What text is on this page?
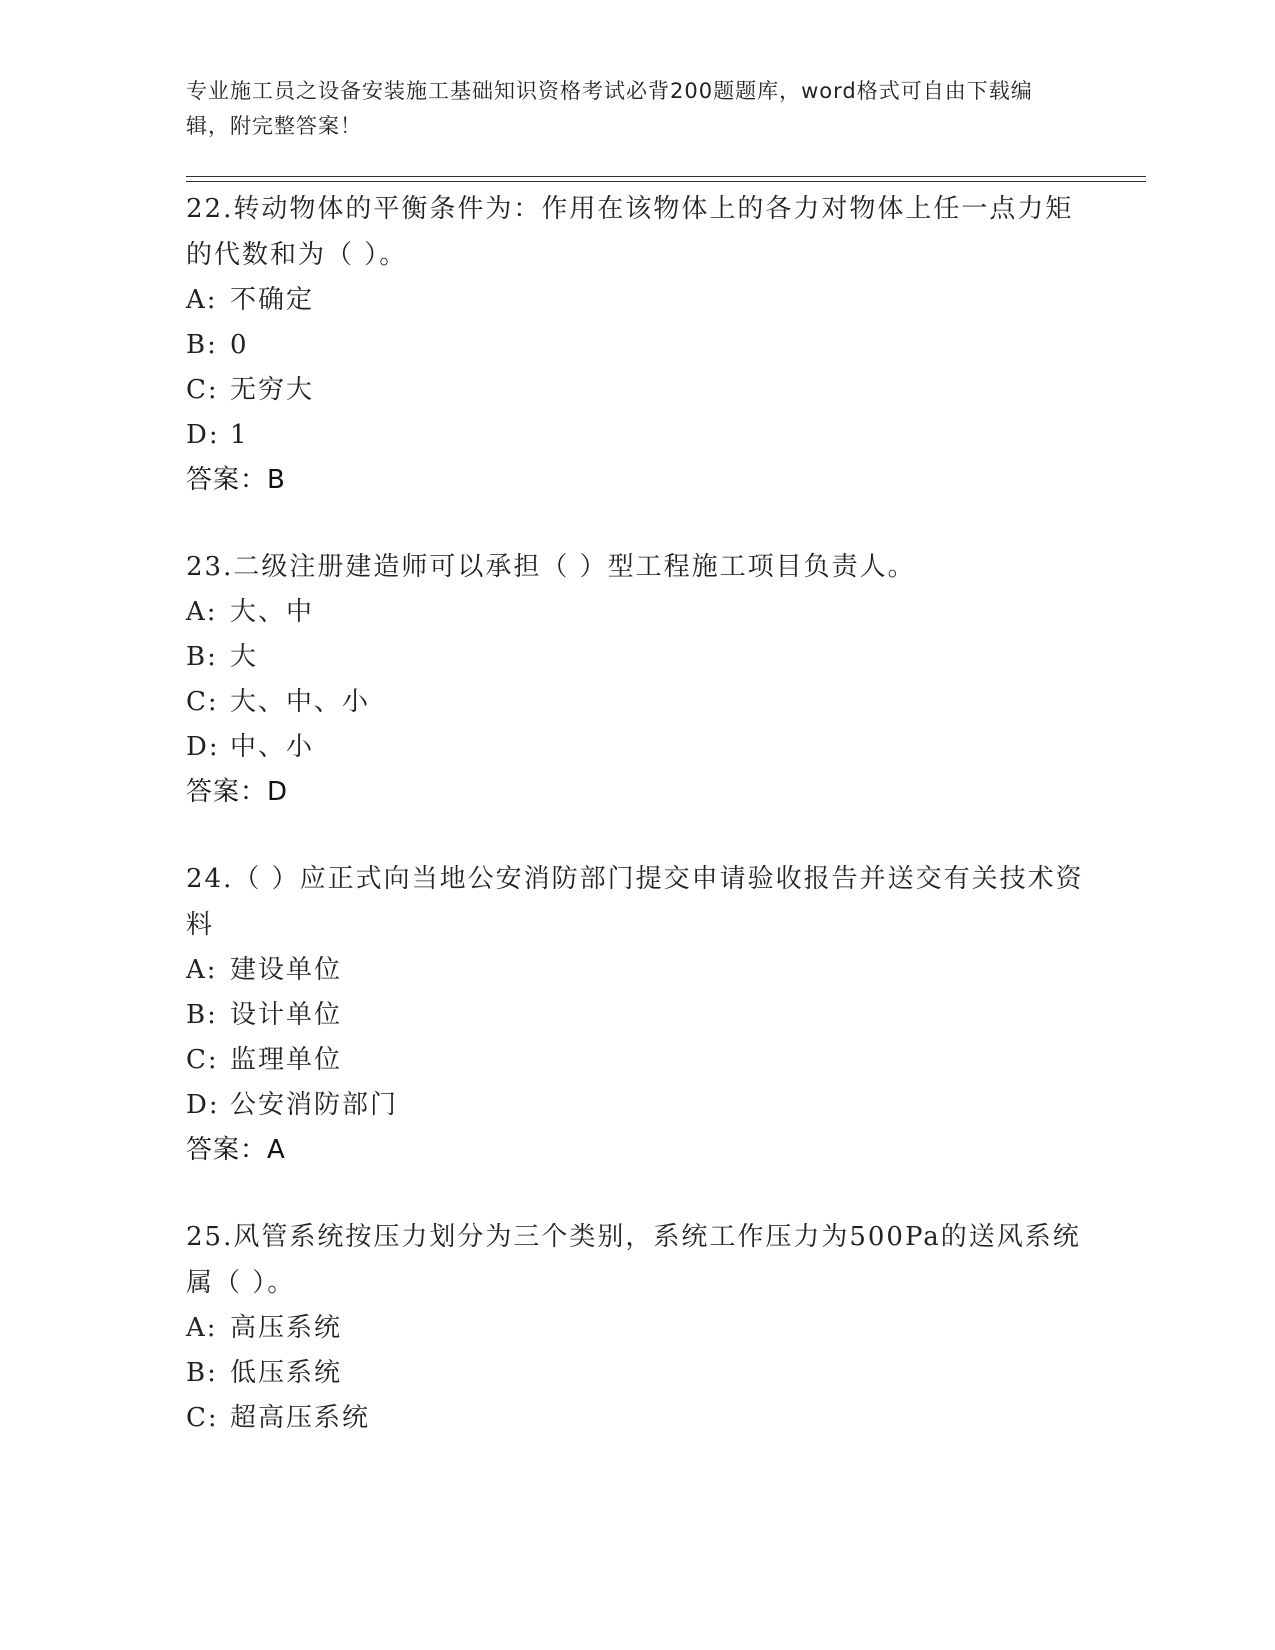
专业施工员之设备安装施工基础知识资格考试必背200题题库，word格式可自由下载编辑，附完整答案！

22.转动物体的平衡条件为：作用在该物体上的各力对物体上任一点力矩的代数和为（ ）。

A: 不确定

B: 0

C: 无穷大

D: 1

答案：B

23.二级注册建造师可以承担（ ）型工程施工项目负责人。

A: 大、中

B: 大

C: 大、中、小

D: 中、小

答案：D

24.（ ）应正式向当地公安消防部门提交申请验收报告并送交有关技术资料

A: 建设单位

B: 设计单位

C: 监理单位

D: 公安消防部门

答案：A

25.风管系统按压力划分为三个类别，系统工作压力为500Pa的送风系统属（ ）。

A: 高压系统

B: 低压系统

C: 超高压系统
